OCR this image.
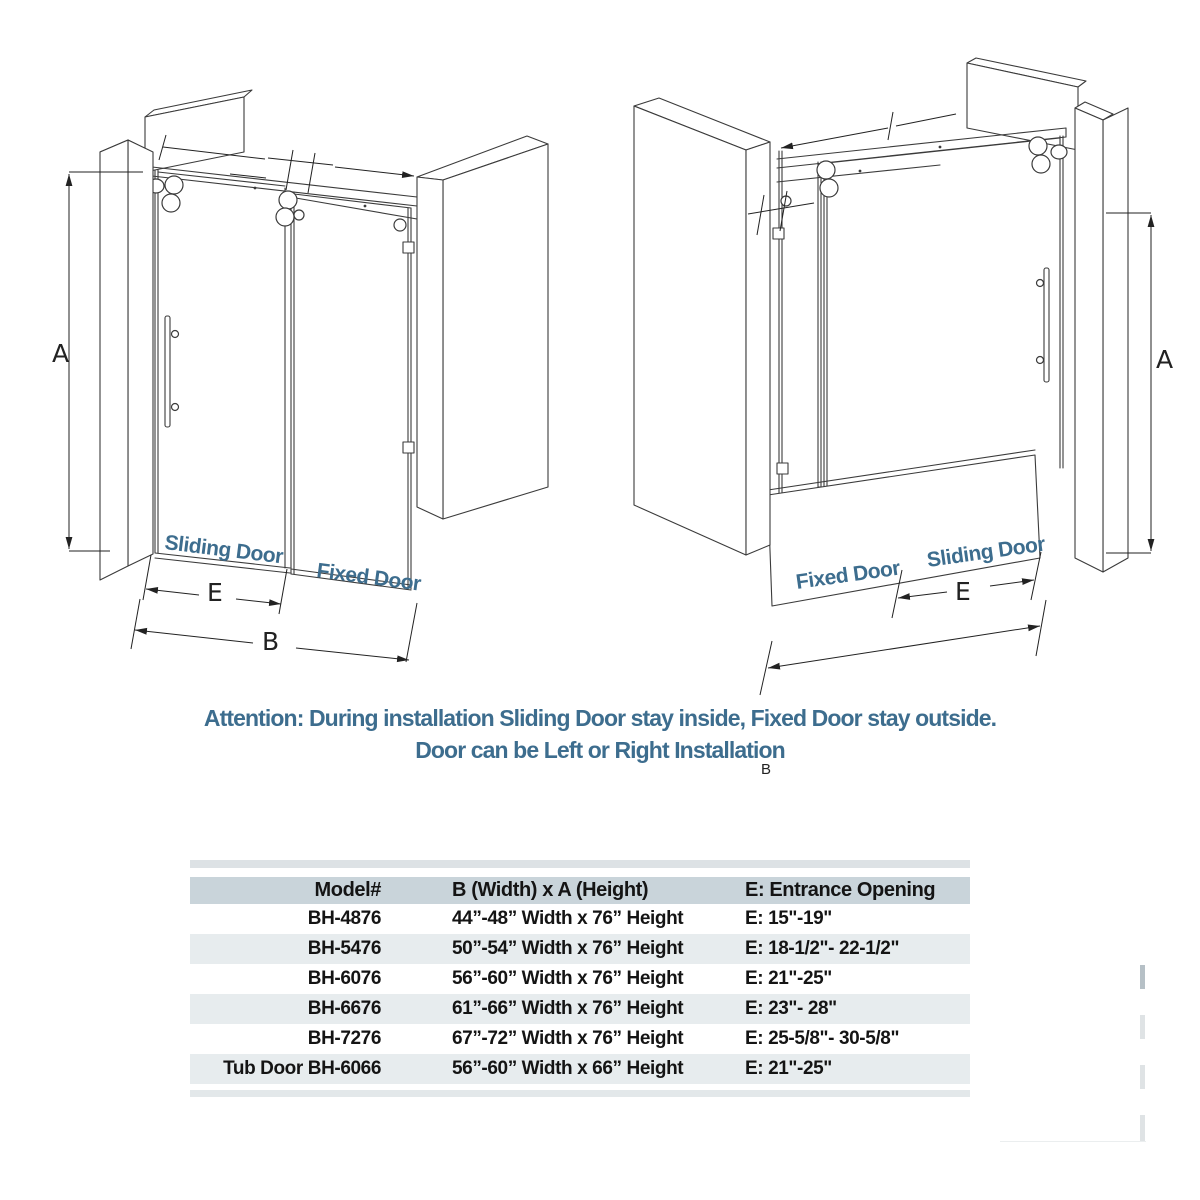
A
E
B
Sliding Door
Fixed Door
A
E
Fixed Door
Sliding Door
Attention: During installation Sliding Door stay inside, Fixed Door stay outside.
Door can be Left or Right Installation
B
Model#	B (Width) x A (Height)	E: Entrance Opening
BH-4876	44”-48” Width x 76” Height	E: 15"-19"
BH-5476	50”-54” Width x 76” Height	E: 18-1/2"- 22-1/2"
BH-6076	56”-60” Width x 76” Height	E: 21"-25"
BH-6676	61”-66” Width x 76” Height	E: 23"- 28"
BH-7276	67”-72” Width x 76” Height	E: 25-5/8"- 30-5/8"
Tub Door BH-6066	56”-60” Width x 66” Height	E: 21"-25"
